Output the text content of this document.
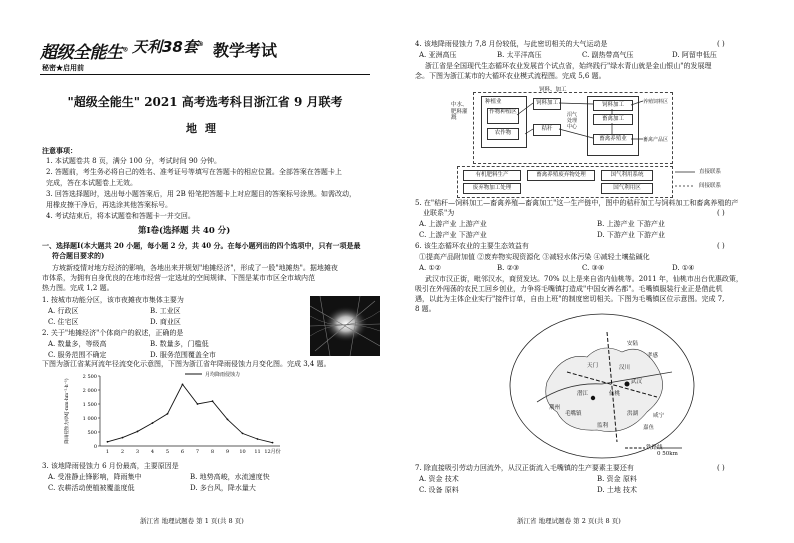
超级全能生® 天利38套® 教学考试
秘密★启用前
"超级全能生" 2021 高考选考科目浙江省 9 月联考
地理
注意事项：
1. 本试题卷共 8 页，满分 100 分，考试时间 90 分钟。
2. 答题前，考生务必将自己的姓名、准考证号等填写在答题卡的相应位置。全部答案在答题卡上
完成，答在本试题卷上无效。
3. 回答选择题时，选出每小题答案后，用 2B 铅笔把答题卡上对应题目的答案标号涂黑。如需改动，
用橡皮擦干净后，再选涂其他答案标号。
4. 考试结束后，将本试题卷和答题卡一并交回。
第Ⅰ卷(选择题 共 40 分)
一、选择题Ⅰ(本大题共 20 小题，每小题 2 分，共 40 分。在每小题列出的四个选项中，只有一项是最
符合题目要求的)
方坡新疫情对地方经济的影响，各地出来并规划"地摊经济"，形成了一股"地摊热"。据地摊夜
市体系，为拥有自身优良的在地市经营一定选址的空间规律、下图是某市市区全市域内范
热力图。完成 1,2 题。
1. 按城市功能分区，该市夜摊夜市集体主要为
A. 行政区	B. 工业区
C. 住宅区	D. 商业区
2. 关于"地摊经济"个体商户的叙述，正确的是
A. 数量多，等级高	B. 数量多，门槛低
C. 服务范围不确定	D. 服务范围覆盖全市
下图为浙江省某河流年径流变化示意图，下图为浙江省年降雨侵蚀力月变化图。完成 3,4 题。
0
500
1 000
1 500
2 000
2 500
1 2 3 4 5 6 7 8 9 10 11 12月份
降雨侵蚀力/(MJ·mm·hm⁻²·h⁻¹)
月均降雨侵蚀力
3. 该地降雨侵蚀力 6 月份最高，主要原因是
A. 受准静止锋影响，降雨集中	B. 地势高峻，水流速度快
C. 农耕活动使植被覆盖度低	D. 多台风，降水量大
浙江省 地理试题卷 第 1 页(共 8 页)
4. 该地降雨侵蚀力 7,8 月份较低，与此密切相关的大气运动是	( )
A. 亚洲高压	B. 太平洋高压	C. 副热带高气压	D. 阿留申低压
浙江省是全国现代生态循环农业发展首个试点省，始终践行"绿水青山就是金山银山"的发展理
念。下图为浙江某市的大循环农业模式流程图。完成 5,6 题。
中水、肥料灌溉
种植业
作物种植区
农作物
饲料加工
饲料、加工
秸秆
沼气处理中心
饲料加工
畜禽加工
畜禽养殖业
养殖饲料区
畜禽产品区
有机肥料生产	畜禽养殖废弃物处理	国气利用系统
废弃物加工处理	国气利用区
直接联系
间接联系
5. 在"秸秆—饲料加工—畜禽养殖—畜禽加工"这一生产链中，图中的秸秆加工与饲料加工和畜禽养殖的产
业联系"为	( )
A. 上游产业 上游产业	B. 上游产业 下游产业
C. 上游产业 下游产业	D. 下游产业 下游产业
6. 该生态循环农业的主要生态效益有	( )
①提高产品附加值 ②废弃物实现资源化 ③减轻水体污染 ④减轻土壤盐碱化
A. ①②	B. ②③	C. ③④	D. ①④
武汉市汉正街，毗邻汉水，商贸发达。70% 以上是来自省内仙桃等。2011 年，仙桃市出台优惠政策，
吸引在外闯荡的农民工回乡创业，力争将毛嘴镇打造成"中国女裤名都"。毛嘴镇服装行业正是借此机
遇，以此为主体企业实行"接件订单，自由上班"的制度密切相关。下图为毛嘴镇区位示意图。完成 7,
8 题。
荆州
潜江
天门	汉川
仙桃
毛嘴镇	洪湖
武汉
监利
安陆
孝感
咸宁
嘉鱼
铁路线
0 50km
7. 除直接吸引劳动力回流外，从汉正街流入毛嘴镇的生产要素主要还有	( )
A. 资金 技术	B. 资金 原料
C. 设备 原料	D. 土地 技术
浙江省 地理试题卷 第 2 页(共 8 页)
